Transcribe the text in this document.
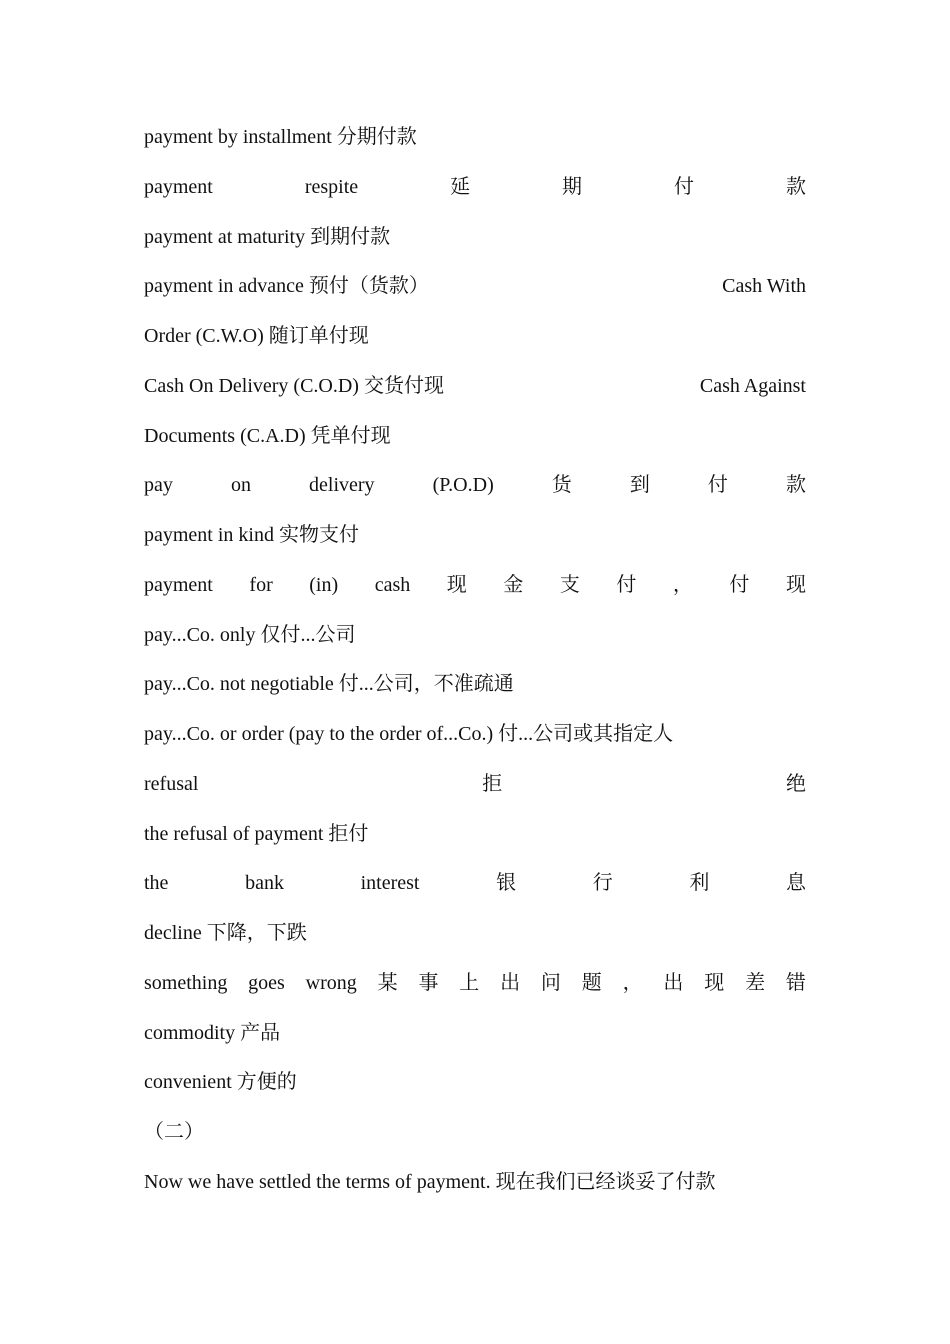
payment by installment 分期付款
payment	respite	延	期	付	款
payment at maturity 到期付款
payment in advance 预付（货款）	Cash With
Order (C.W.O) 随订单付现
Cash On Delivery (C.O.D) 交货付现	Cash Against
Documents (C.A.D) 凭单付现
pay	on	delivery	(P.O.D)	货	到	付	款
payment in kind 实物支付
payment for (in) cash 现 金 支 付 ， 付 现
pay...Co. only 仅付...公司
pay...Co. not negotiable 付...公司，不准疏通
pay...Co. or order (pay to the order of...Co.) 付...公司或其指定人
refusal	拒	绝
the refusal of payment 拒付
the	bank	interest	银	行	利	息
decline 下降，下跌
something goes wrong 某 事 上 出 问 题 ， 出 现 差 错
commodity 产品
convenient 方便的
（二）
Now we have settled the terms of payment. 现在我们已经谈妥了付款
